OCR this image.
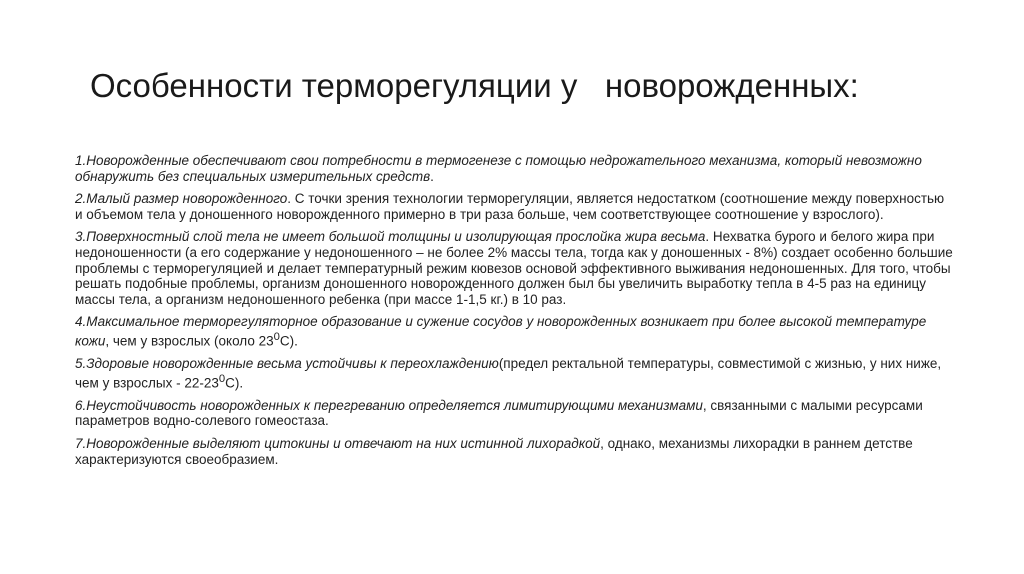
Особенности терморегуляции у   новорожденных:

1.Новорожденные обеспечивают свои потребности в термогенезе с помощью недрожательного механизма, который невозможно обнаружить без специальных измерительных средств.

2.Малый размер новорожденного. С точки зрения технологии терморегуляции, является недостатком (соотношение между поверхностью и объемом тела у доношенного новорожденного примерно в три раза больше, чем соответствующее соотношение у взрослого).

3.Поверхностный слой тела не имеет большой толщины и изолирующая прослойка жира весьма. Нехватка бурого и белого жира при недоношенности (а его содержание у недоношенного – не более 2% массы тела, тогда как у доношенных - 8%) создает особенно большие проблемы с терморегуляцией и делает температурный режим кювезов основой эффективного выживания недоношенных. Для того, чтобы решать подобные проблемы, организм доношенного новорожденного должен был бы увеличить выработку тепла в 4-5 раз на единицу массы тела, а организм недоношенного ребенка (при массе 1-1,5 кг.) в 10 раз.

4.Максимальное терморегуляторное образование и сужение сосудов у новорожденных возникает при более высокой температуре кожи, чем у взрослых (около $23^0С$).

5.Здоровые новорожденные весьма устойчивы к переохлаждению(предел ректальной температуры, совместимой с жизнью, у них ниже, чем у взрослых - $22-23^0С$).

6.Неустойчивость новорожденных к перегреванию определяется лимитирующими механизмами, связанными с малыми ресурсами параметров водно-солевого гомеостаза.

7.Новорожденные выделяют цитокины и отвечают на них истинной лихорадкой, однако, механизмы лихорадки в раннем детстве характеризуются своеобразием.
